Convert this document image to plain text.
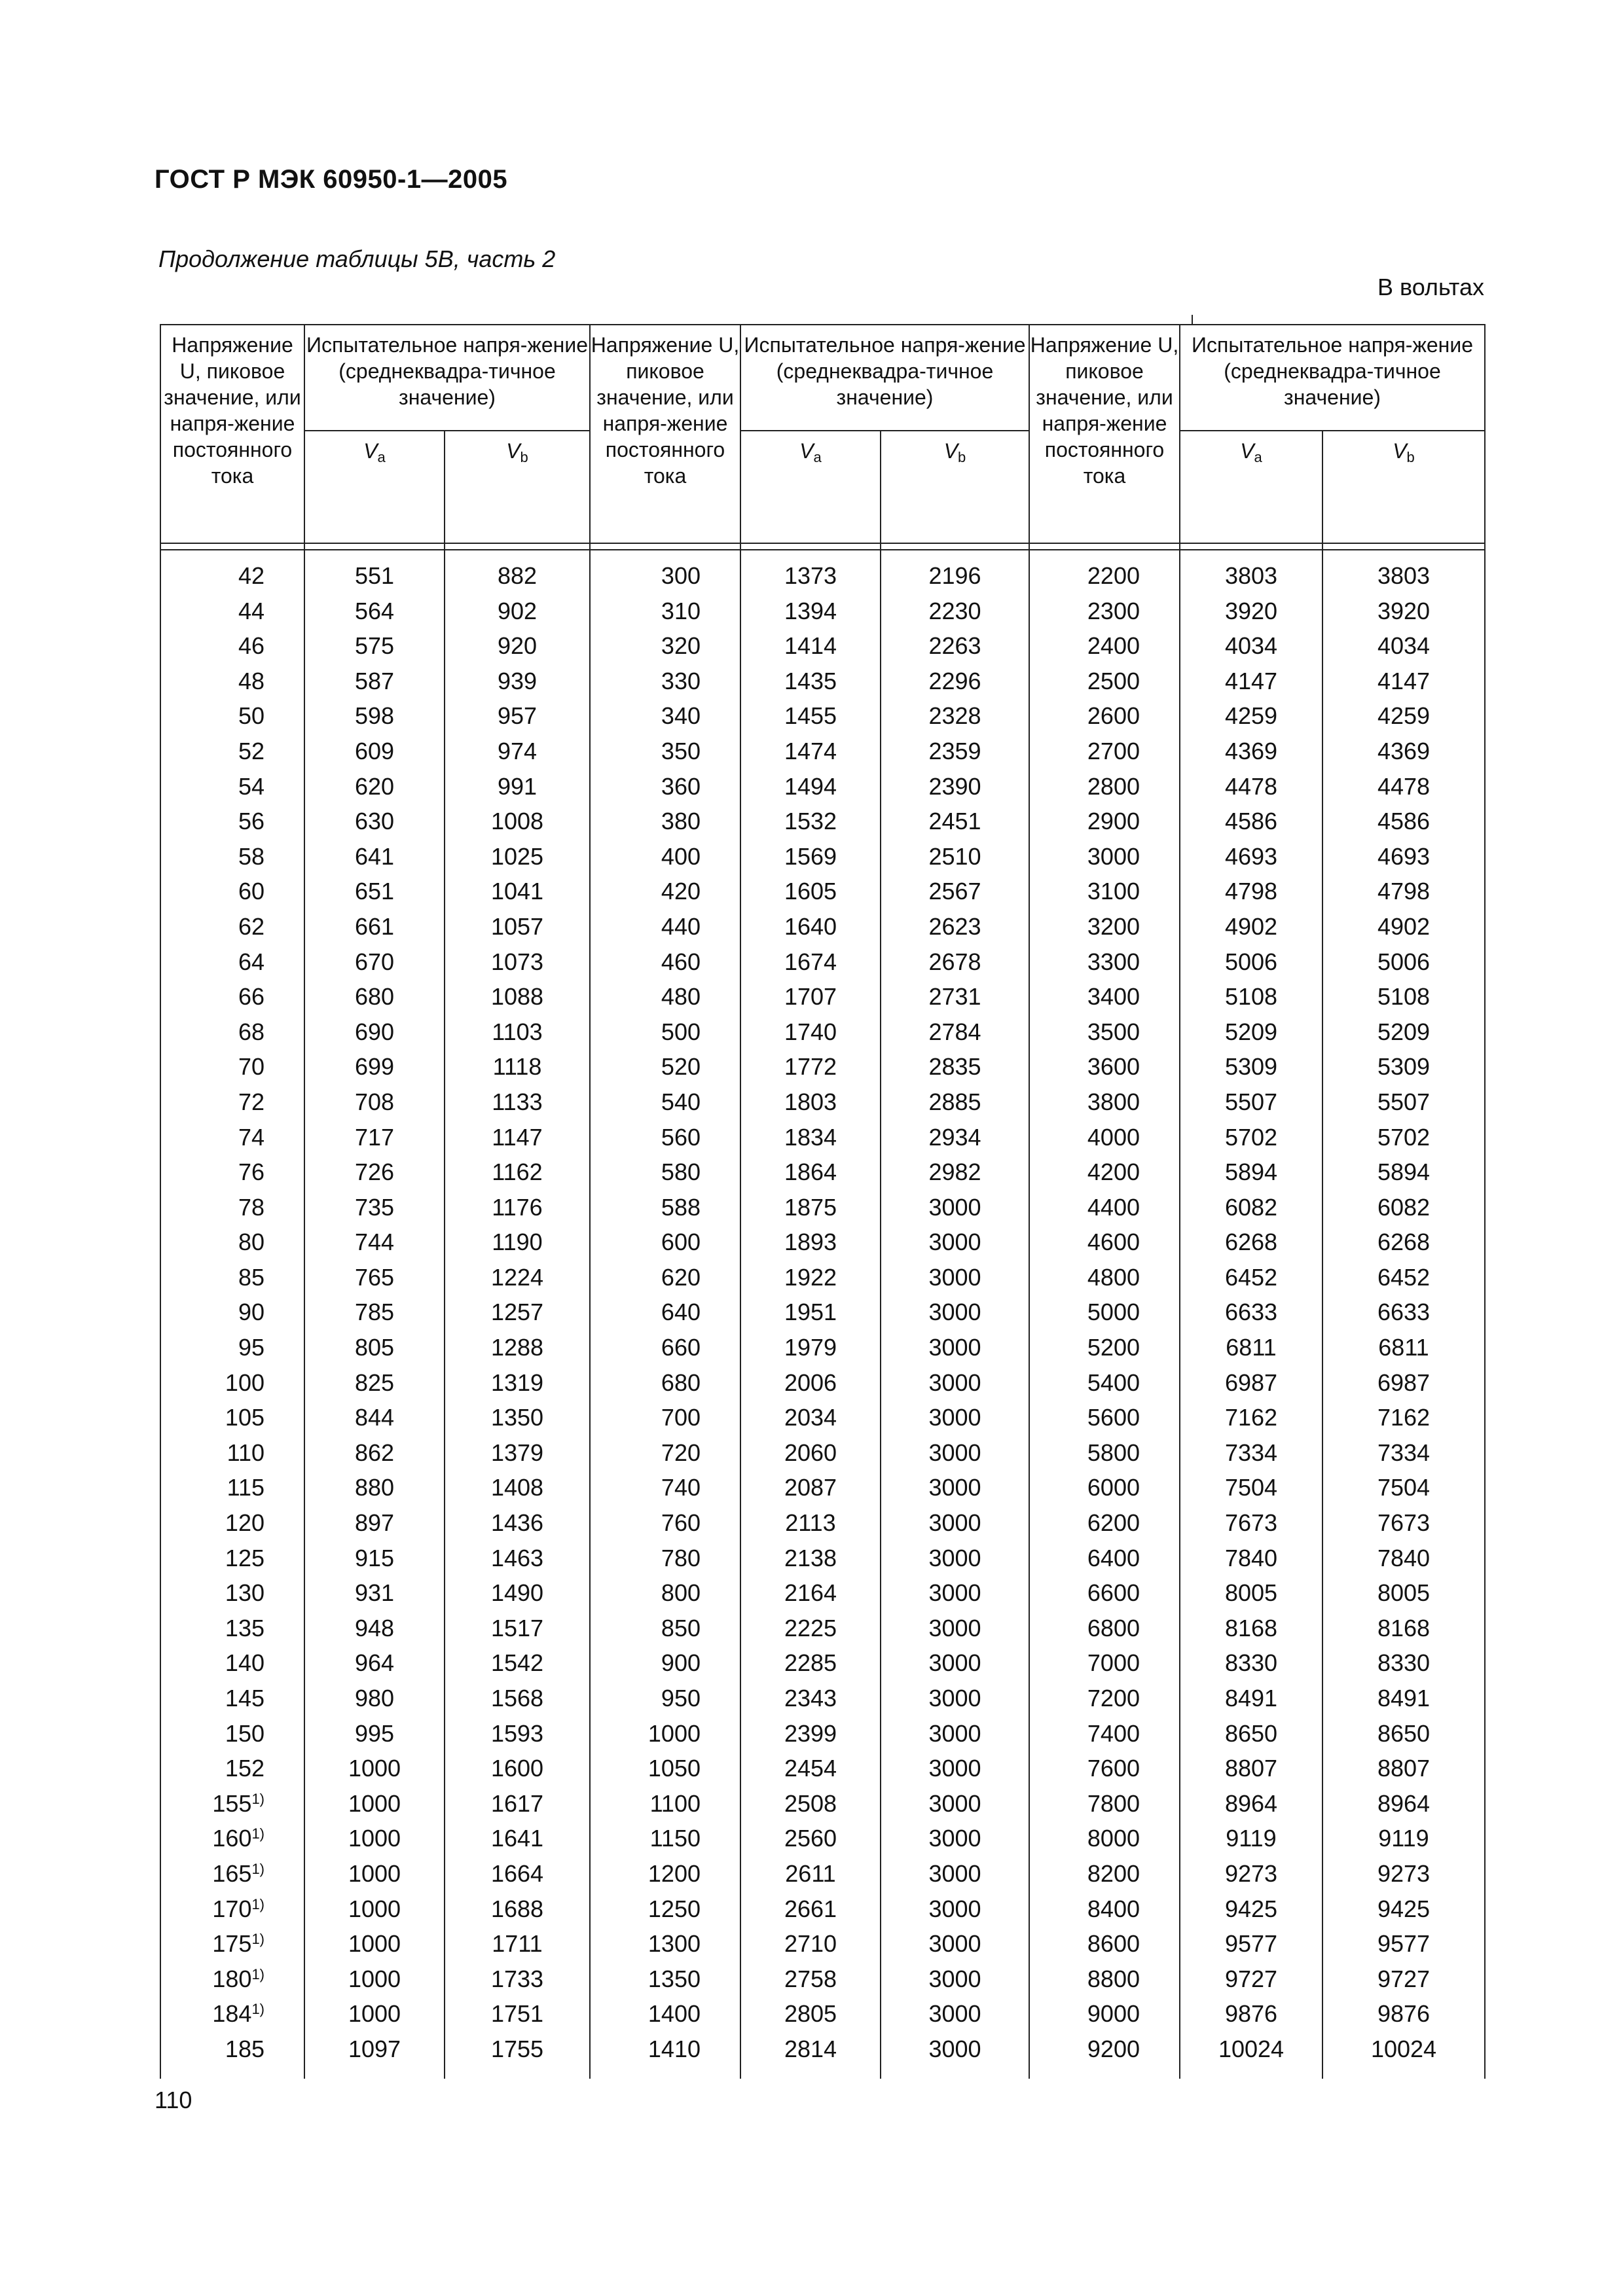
ГОСТ Р МЭК 60950-1—2005
Продолжение таблицы 5В, часть 2
В вольтах
Напряжение U, пиковое значение, или напря-жение постоянного тока	Испытательное напря-жение (среднеквадра-тичное значение)		Напряжение U, пиковое значение, или напря-жение постоянного тока	Испытательное напря-жение (среднеквадра-тичное значение)		Напряжение U, пиковое значение, или напря-жение постоянного тока	Испытательное напря-жение (среднеквадра-тичное значение)	
	$V_a$	$V_b$		$V_a$	$V_b$		$V_a$	$V_b$

42	551	882	300	1373	2196	2200	3803	3803
44	564	902	310	1394	2230	2300	3920	3920
46	575	920	320	1414	2263	2400	4034	4034
48	587	939	330	1435	2296	2500	4147	4147
50	598	957	340	1455	2328	2600	4259	4259
52	609	974	350	1474	2359	2700	4369	4369
54	620	991	360	1494	2390	2800	4478	4478
56	630	1008	380	1532	2451	2900	4586	4586
58	641	1025	400	1569	2510	3000	4693	4693
60	651	1041	420	1605	2567	3100	4798	4798
62	661	1057	440	1640	2623	3200	4902	4902
64	670	1073	460	1674	2678	3300	5006	5006
66	680	1088	480	1707	2731	3400	5108	5108
68	690	1103	500	1740	2784	3500	5209	5209
70	699	1118	520	1772	2835	3600	5309	5309
72	708	1133	540	1803	2885	3800	5507	5507
74	717	1147	560	1834	2934	4000	5702	5702
76	726	1162	580	1864	2982	4200	5894	5894
78	735	1176	588	1875	3000	4400	6082	6082
80	744	1190	600	1893	3000	4600	6268	6268
85	765	1224	620	1922	3000	4800	6452	6452
90	785	1257	640	1951	3000	5000	6633	6633
95	805	1288	660	1979	3000	5200	6811	6811
100	825	1319	680	2006	3000	5400	6987	6987
105	844	1350	700	2034	3000	5600	7162	7162
110	862	1379	720	2060	3000	5800	7334	7334
115	880	1408	740	2087	3000	6000	7504	7504
120	897	1436	760	2113	3000	6200	7673	7673
125	915	1463	780	2138	3000	6400	7840	7840
130	931	1490	800	2164	3000	6600	8005	8005
135	948	1517	850	2225	3000	6800	8168	8168
140	964	1542	900	2285	3000	7000	8330	8330
145	980	1568	950	2343	3000	7200	8491	8491
150	995	1593	1000	2399	3000	7400	8650	8650
152	1000	1600	1050	2454	3000	7600	8807	8807
155$^{1)}$	1000	1617	1100	2508	3000	7800	8964	8964
160$^{1)}$	1000	1641	1150	2560	3000	8000	9119	9119
165$^{1)}$	1000	1664	1200	2611	3000	8200	9273	9273
170$^{1)}$	1000	1688	1250	2661	3000	8400	9425	9425
175$^{1)}$	1000	1711	1300	2710	3000	8600	9577	9577
180$^{1)}$	1000	1733	1350	2758	3000	8800	9727	9727
184$^{1)}$	1000	1751	1400	2805	3000	9000	9876	9876
185	1097	1755	1410	2814	3000	9200	10024	10024

110
